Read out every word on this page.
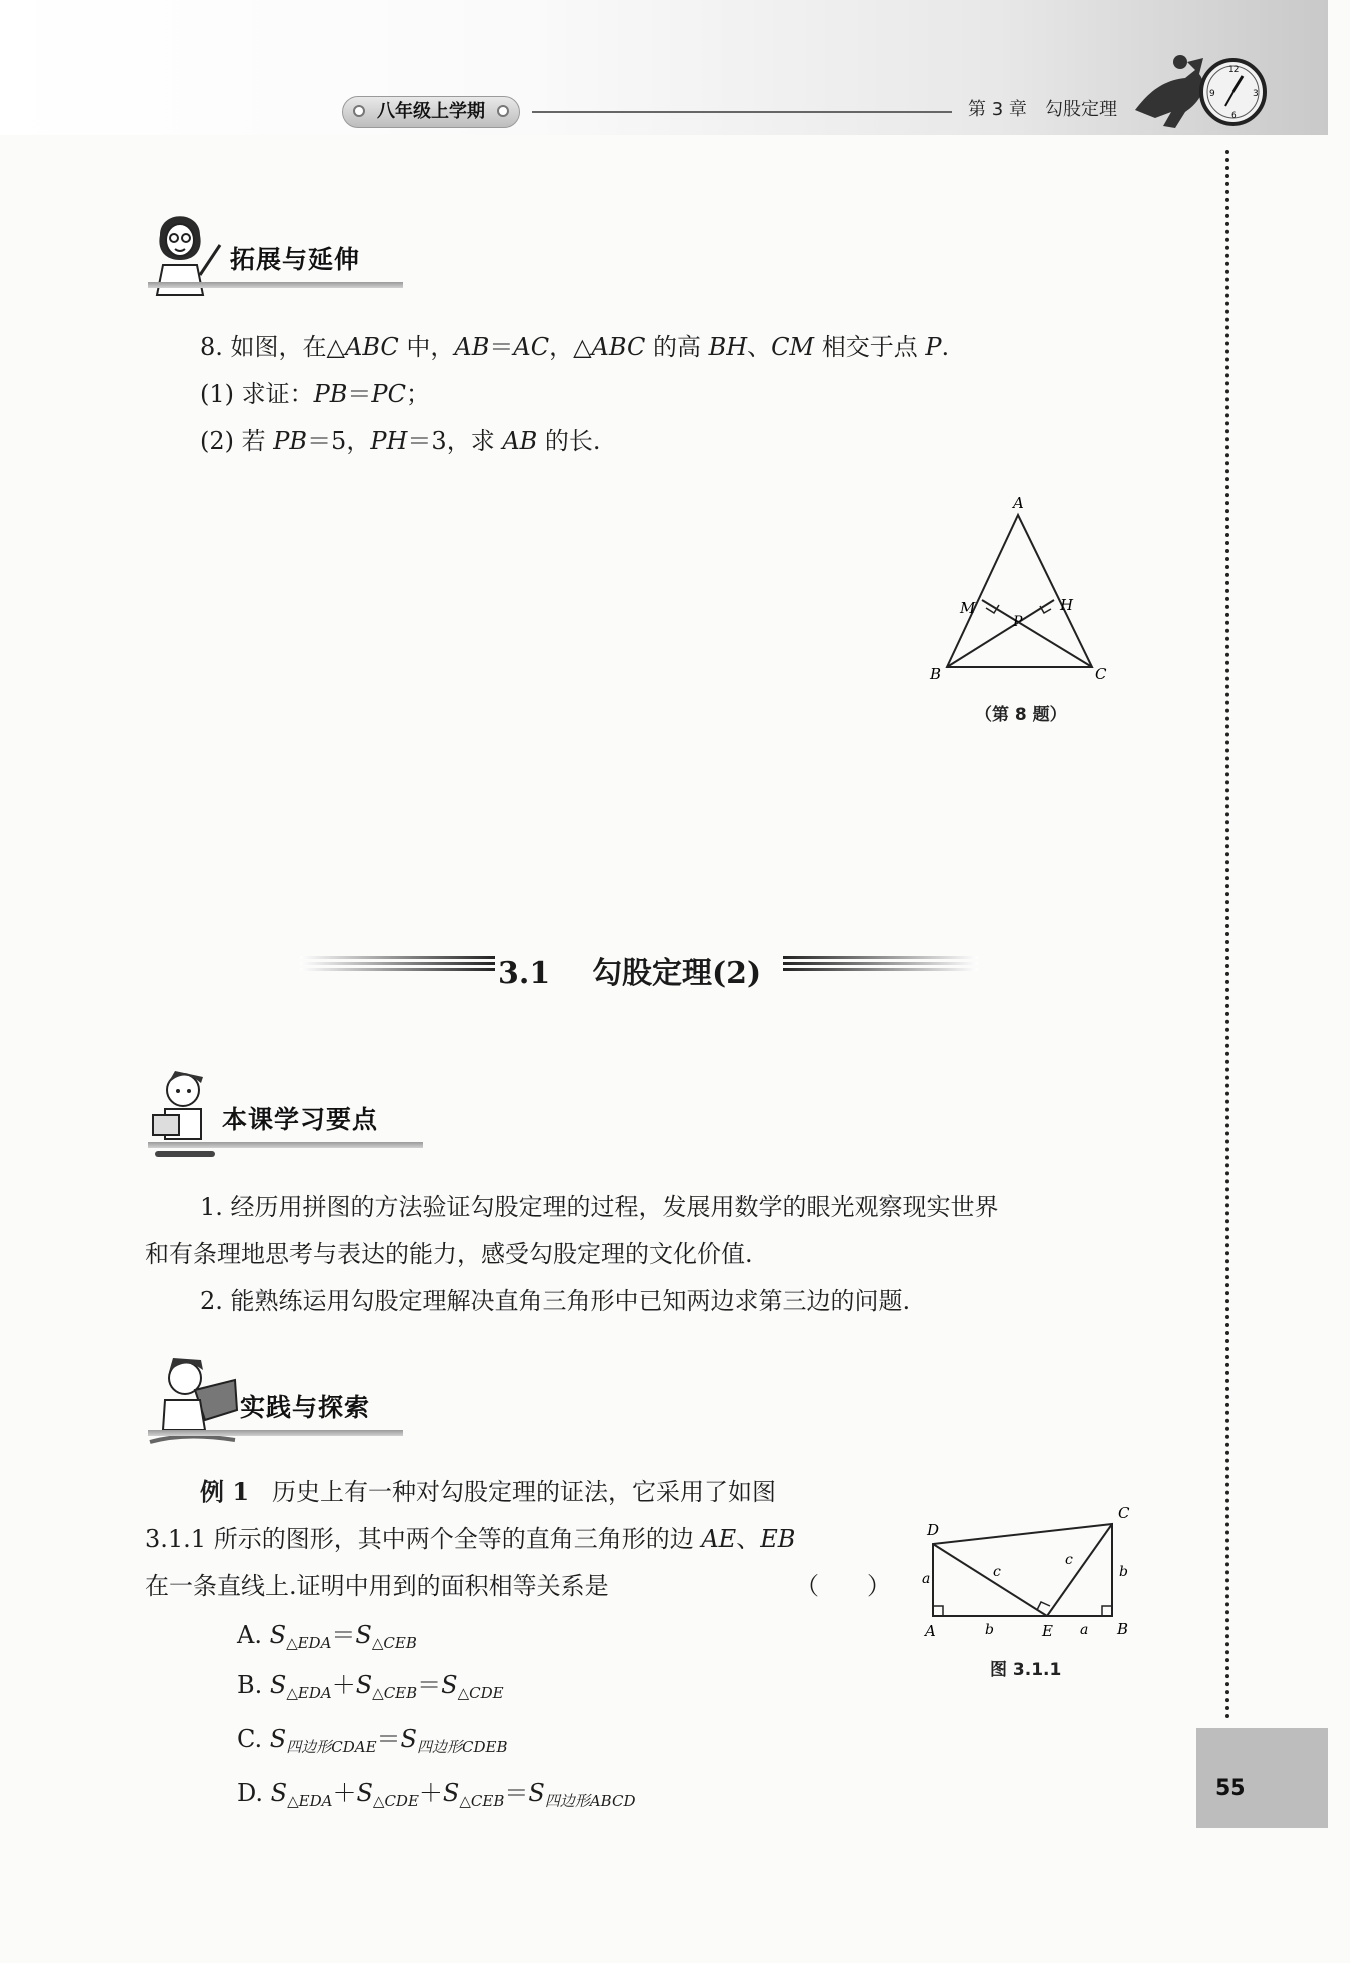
八年级上学期	第 3 章 勾股定理
12
3
6
9
55
拓展与延伸
8. 如图，在△ABC 中，AB＝AC，△ABC 的高 BH、CM 相交于点 P.
(1) 求证：PB＝PC；
(2) 若 PB＝5，PH＝3，求 AB 的长.
A
B	C
M	H
P
（第 8 题）
3.1 勾股定理(2)
本课学习要点
1. 经历用拼图的方法验证勾股定理的过程，发展用数学的眼光观察现实世界
和有条理地思考与表达的能力，感受勾股定理的文化价值.
2. 能熟练运用勾股定理解决直角三角形中已知两边求第三边的问题.
实践与探索
例 1 历史上有一种对勾股定理的证法，它采用了如图
3.1.1 所示的图形，其中两个全等的直角三角形的边 AE、EB
在一条直线上.证明中用到的面积相等关系是	（　　）
A. $S_{\triangle EDA}=S_{\triangle CEB}$
B. $S_{\triangle EDA}+S_{\triangle CEB}=S_{\triangle CDE}$
C. $S_{四边形CDAE}=S_{四边形CDEB}$
D. $S_{\triangle EDA}+S_{\triangle CDE}+S_{\triangle CEB}=S_{四边形ABCD}$
D
C
A	E	B
a
b
c
c
a
b
图 3.1.1
